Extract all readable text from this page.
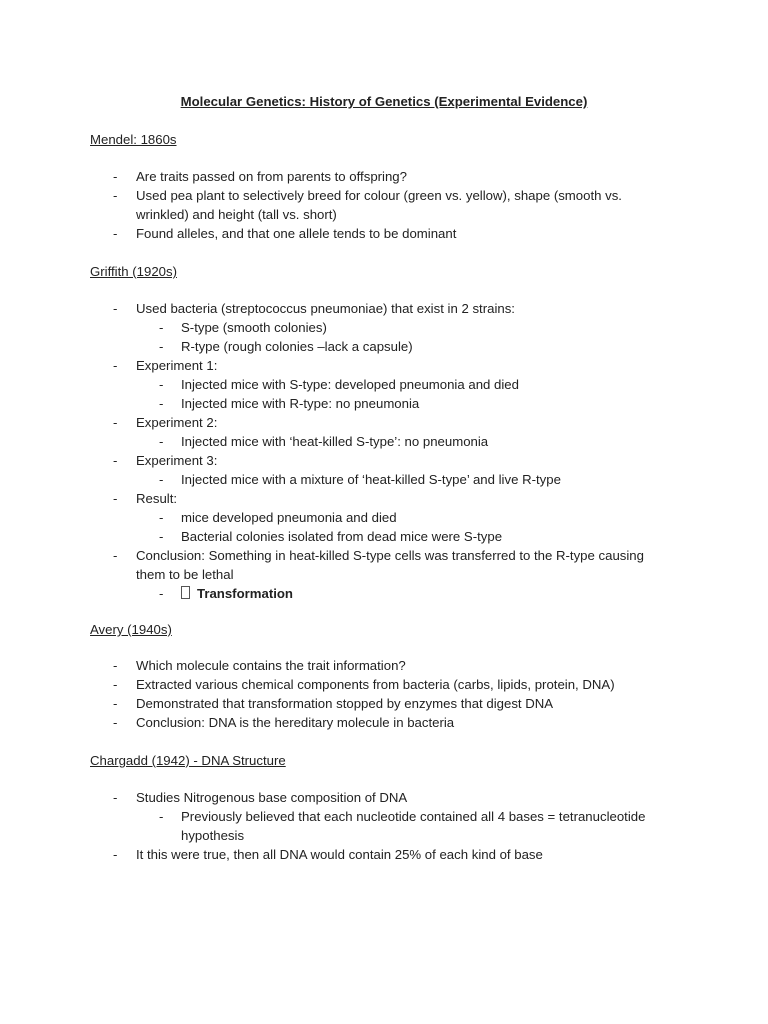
Molecular Genetics: History of Genetics (Experimental Evidence)
Mendel: 1860s
- Are traits passed on from parents to offspring?
- Used pea plant to selectively breed for colour (green vs. yellow), shape (smooth vs. wrinkled) and height (tall vs. short)
- Found alleles, and that one allele tends to be dominant
Griffith (1920s)
- Used bacteria (streptococcus pneumoniae) that exist in 2 strains:
- S-type (smooth colonies)
- R-type (rough colonies –lack a capsule)
- Experiment 1:
- Injected mice with S-type: developed pneumonia and died
- Injected mice with R-type: no pneumonia
- Experiment 2:
- Injected mice with ‘heat-killed S-type’: no pneumonia
- Experiment 3:
- Injected mice with a mixture of ‘heat-killed S-type’ and live R-type
- Result:
- mice developed pneumonia and died
- Bacterial colonies isolated from dead mice were S-type
- Conclusion: Something in heat-killed S-type cells was transferred to the R-type causing them to be lethal
-	Transformation
Avery (1940s)
- Which molecule contains the trait information?
- Extracted various chemical components from bacteria (carbs, lipids, protein, DNA)
- Demonstrated that transformation stopped by enzymes that digest DNA
- Conclusion: DNA is the hereditary molecule in bacteria
Chargadd (1942) - DNA Structure
- Studies Nitrogenous base composition of DNA
- Previously believed that each nucleotide contained all 4 bases = tetranucleotide hypothesis
- It this were true, then all DNA would contain 25% of each kind of base
